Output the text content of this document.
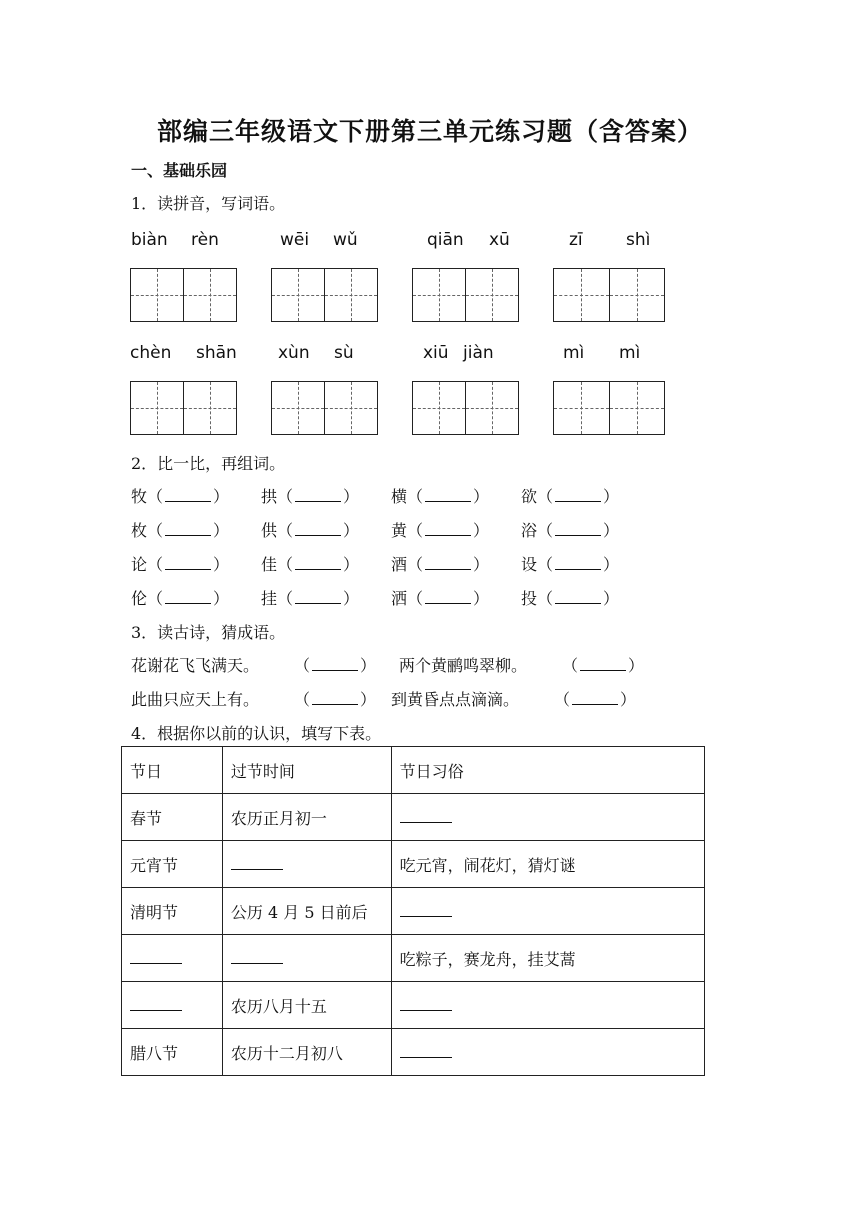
部编三年级语文下册第三单元练习题（含答案）
一、基础乐园
1．读拼音，写词语。
biàn rèn	wēi wǔ	qiān xū	zī	shì
chèn shān xùn sù	xiū jiàn	mì mì
2．比一比，再组词。
牧（	） 拱（	） 横（	） 欲（	）
枚（	） 供（	） 黄（	） 浴（	）
论（	） 佳（	） 酒（	） 设（	）
伦（	） 挂（	） 洒（	） 投（	）
3．读古诗，猜成语。
花谢花飞飞满天。 （	） 两个黄鹂鸣翠柳。 （	）
此曲只应天上有。 （	） 到黄昏点点滴滴。 （	）
4．根据你以前的认识，填写下表。
节日	过节时间	节日习俗
春节	农历正月初一	
元宵节		吃元宵，闹花灯，猜灯谜
清明节	公历 4 月 5 日前后	
		吃粽子，赛龙舟，挂艾蒿
	农历八月十五	
腊八节	农历十二月初八	
